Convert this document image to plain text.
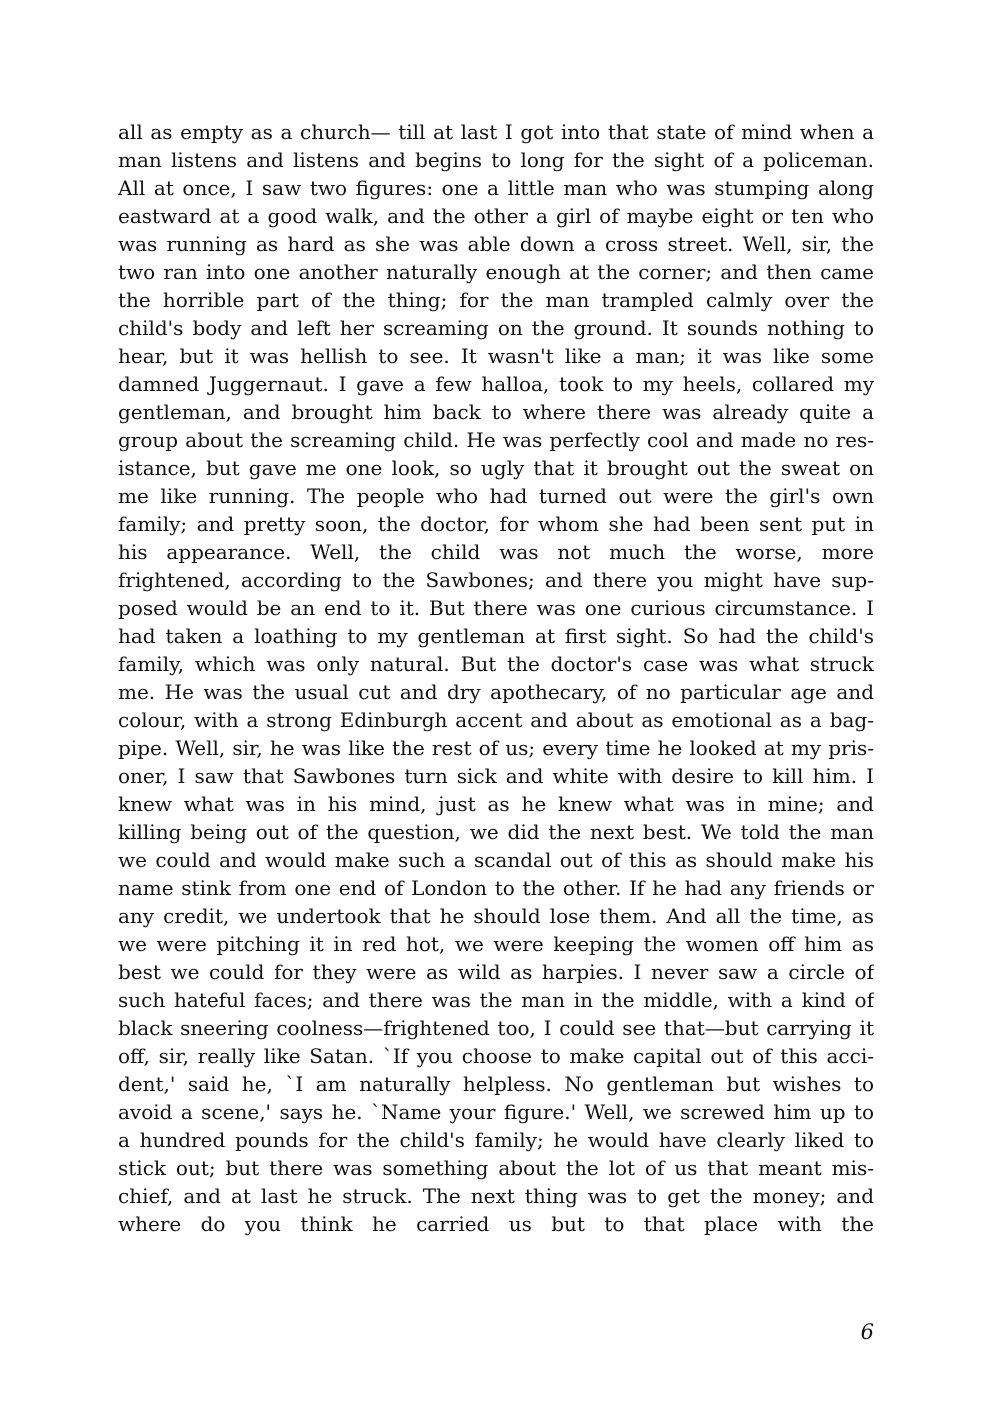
all as empty as a church— till at last I got into that state of mind when a
man listens and listens and begins to long for the sight of a policeman.
All at once, I saw two figures: one a little man who was stumping along
eastward at a good walk, and the other a girl of maybe eight or ten who
was running as hard as she was able down a cross street. Well, sir, the
two ran into one another naturally enough at the corner; and then came
the horrible part of the thing; for the man trampled calmly over the
child's body and left her screaming on the ground. It sounds nothing to
hear, but it was hellish to see. It wasn't like a man; it was like some
damned Juggernaut. I gave a few halloa, took to my heels, collared my
gentleman, and brought him back to where there was already quite a
group about the screaming child. He was perfectly cool and made no res-
istance, but gave me one look, so ugly that it brought out the sweat on
me like running. The people who had turned out were the girl's own
family; and pretty soon, the doctor, for whom she had been sent put in
his appearance. Well, the child was not much the worse, more
frightened, according to the Sawbones; and there you might have sup-
posed would be an end to it. But there was one curious circumstance. I
had taken a loathing to my gentleman at first sight. So had the child's
family, which was only natural. But the doctor's case was what struck
me. He was the usual cut and dry apothecary, of no particular age and
colour, with a strong Edinburgh accent and about as emotional as a bag-
pipe. Well, sir, he was like the rest of us; every time he looked at my pris-
oner, I saw that Sawbones turn sick and white with desire to kill him. I
knew what was in his mind, just as he knew what was in mine; and
killing being out of the question, we did the next best. We told the man
we could and would make such a scandal out of this as should make his
name stink from one end of London to the other. If he had any friends or
any credit, we undertook that he should lose them. And all the time, as
we were pitching it in red hot, we were keeping the women off him as
best we could for they were as wild as harpies. I never saw a circle of
such hateful faces; and there was the man in the middle, with a kind of
black sneering coolness—frightened too, I could see that—but carrying it
off, sir, really like Satan. `If you choose to make capital out of this acci-
dent,' said he, `I am naturally helpless. No gentleman but wishes to
avoid a scene,' says he. `Name your figure.' Well, we screwed him up to
a hundred pounds for the child's family; he would have clearly liked to
stick out; but there was something about the lot of us that meant mis-
chief, and at last he struck. The next thing was to get the money; and
where do you think he carried us but to that place with the
6
